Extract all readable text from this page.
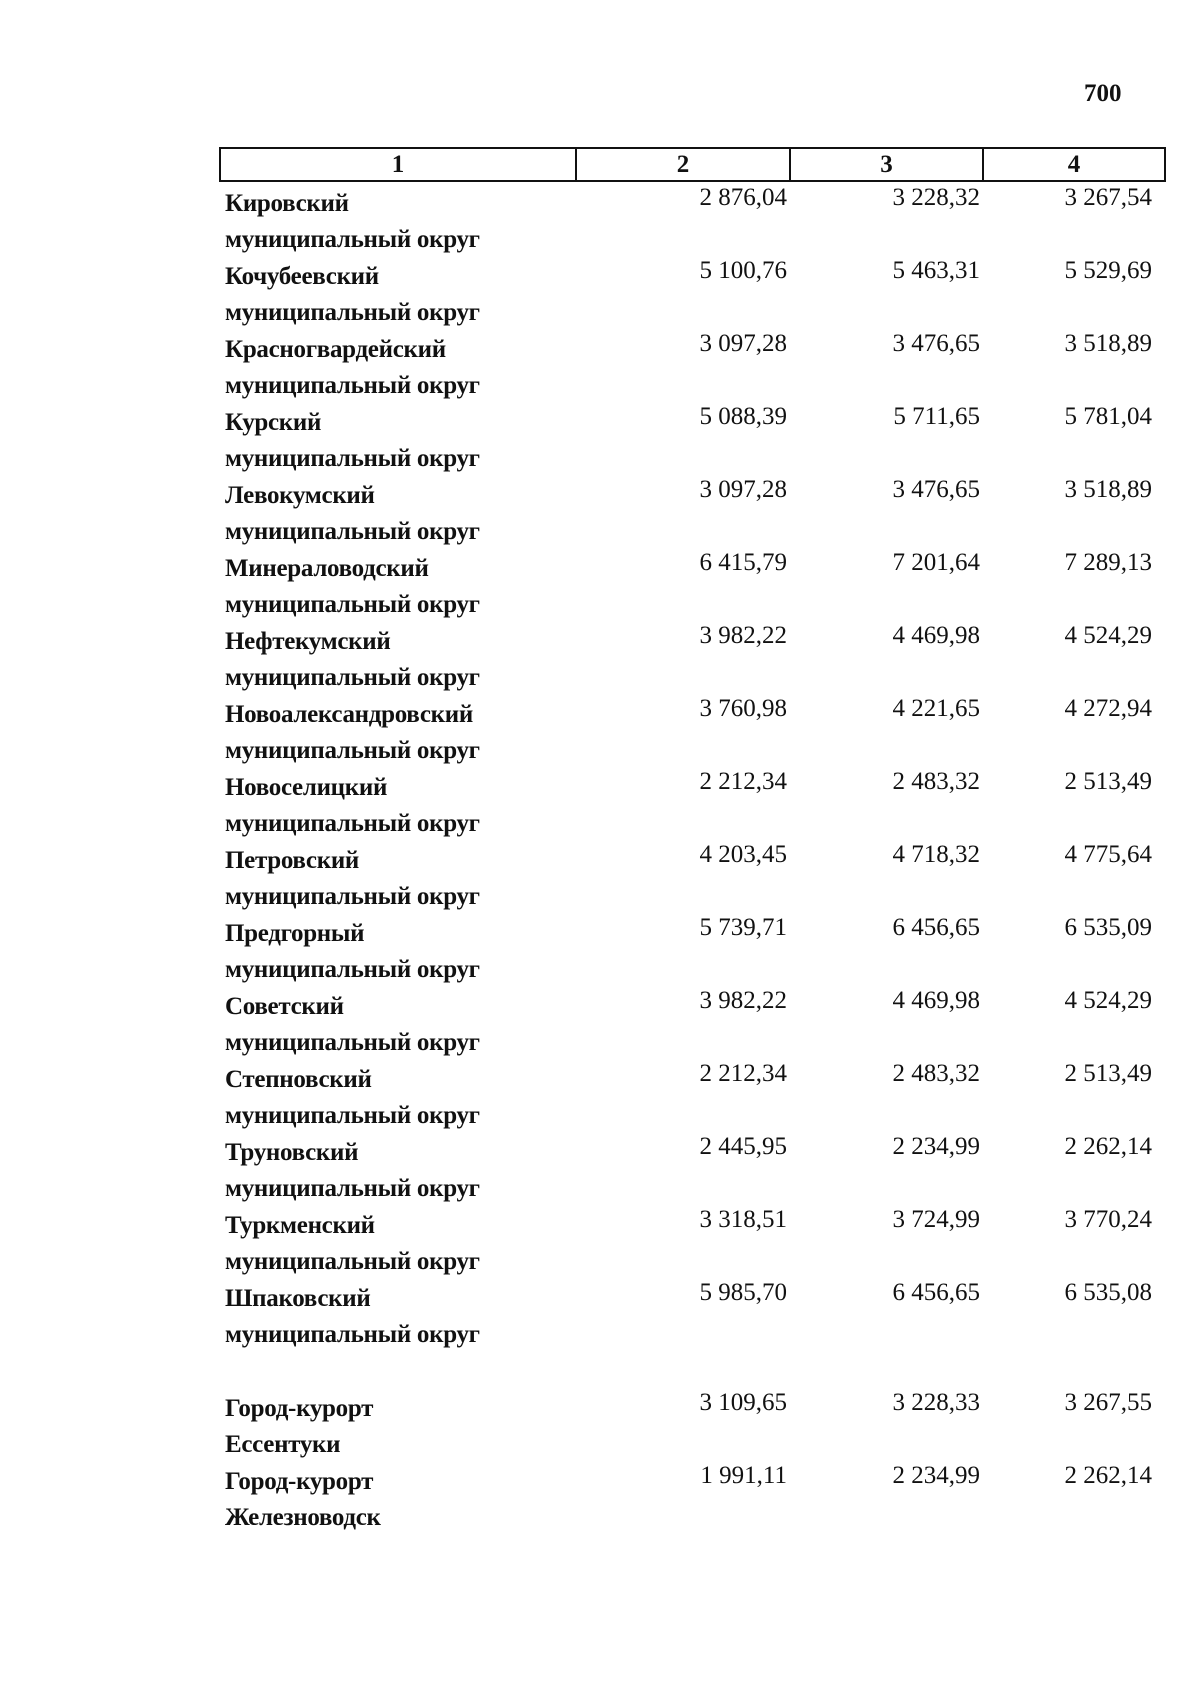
700
1	2	3	4
Кировский
муниципальный округ
2 876,04	3 228,32	3 267,54
Кочубеевский
муниципальный округ
5 100,76	5 463,31	5 529,69
Красногвардейский
муниципальный округ
3 097,28	3 476,65	3 518,89
Курский
муниципальный округ
5 088,39	5 711,65	5 781,04
Левокумский
муниципальный округ
3 097,28	3 476,65	3 518,89
Минераловодский
муниципальный округ
6 415,79	7 201,64	7 289,13
Нефтекумский
муниципальный округ
3 982,22	4 469,98	4 524,29
Новоалександровский
муниципальный округ
3 760,98	4 221,65	4 272,94
Новоселицкий
муниципальный округ
2 212,34	2 483,32	2 513,49
Петровский
муниципальный округ
4 203,45	4 718,32	4 775,64
Предгорный
муниципальный округ
5 739,71	6 456,65	6 535,09
Советский
муниципальный округ
3 982,22	4 469,98	4 524,29
Степновский
муниципальный округ
2 212,34	2 483,32	2 513,49
Труновский
муниципальный округ
2 445,95	2 234,99	2 262,14
Туркменский
муниципальный округ
3 318,51	3 724,99	3 770,24
Шпаковский
муниципальный округ
5 985,70	6 456,65	6 535,08
Город-курорт
Ессентуки
3 109,65	3 228,33	3 267,55
Город-курорт
Железноводск
1 991,11	2 234,99	2 262,14
